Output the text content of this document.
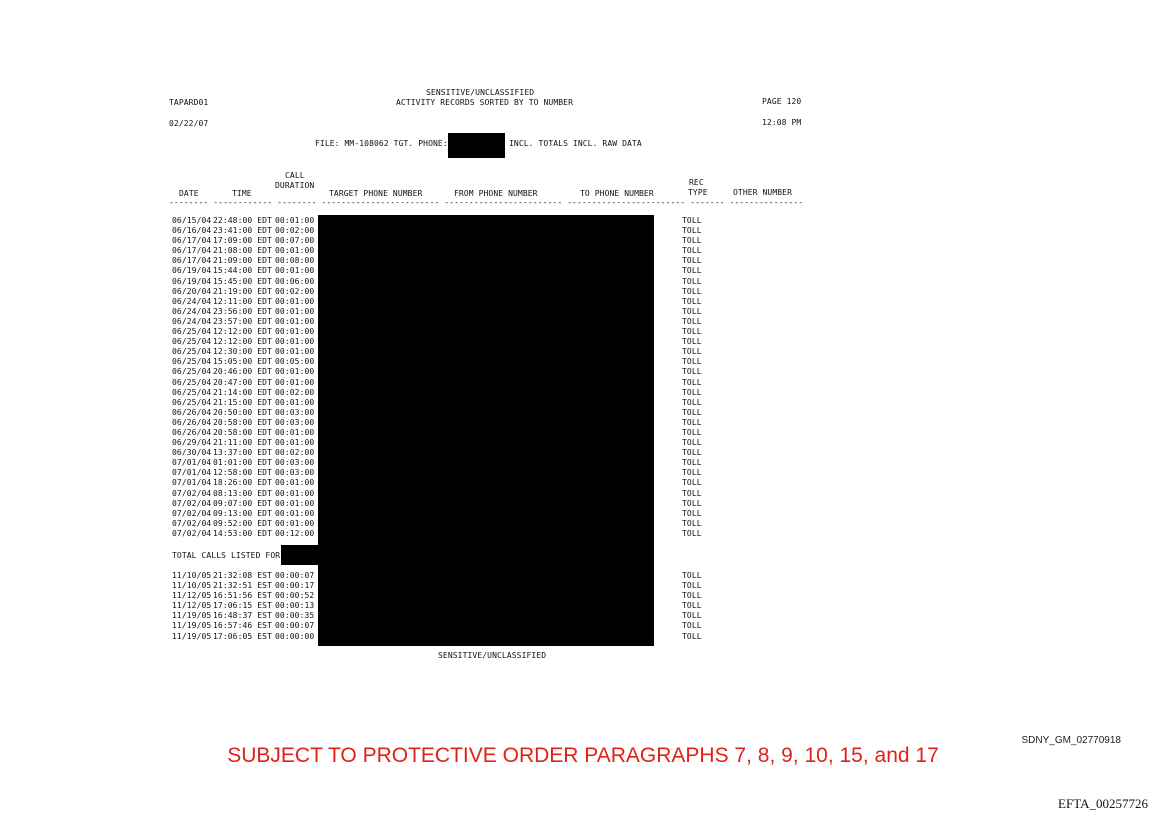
SENSITIVE/UNCLASSIFIED
TAPARD01	ACTIVITY RECORDS SORTED BY TO NUMBER	PAGE 120
02/22/07	12:08 PM
FILE: MM-108062 TGT. PHONE:	INCL. TOTALS INCL. RAW DATA
CALL
DURATION
DATE	TIME	TARGET PHONE NUMBER	FROM PHONE NUMBER	TO PHONE NUMBER
REC
TYPE	OTHER NUMBER
-------- ------------ -------- ------------------------ ------------------------ ------------------------ ------- ---------------
06/15/04 22:48:00 EDT 00:01:00	TOLL
06/16/04 23:41:00 EDT 00:02:00	TOLL
06/17/04 17:09:00 EDT 00:07:00	TOLL
06/17/04 21:08:00 EDT 00:01:00	TOLL
06/17/04 21:09:00 EDT 00:08:00	TOLL
06/19/04 15:44:00 EDT 00:01:00	TOLL
06/19/04 15:45:00 EDT 00:06:00	TOLL
06/20/04 21:19:00 EDT 00:02:00	TOLL
06/24/04 12:11:00 EDT 00:01:00	TOLL
06/24/04 23:56:00 EDT 00:01:00	TOLL
06/24/04 23:57:00 EDT 00:01:00	TOLL
06/25/04 12:12:00 EDT 00:01:00	TOLL
06/25/04 12:12:00 EDT 00:01:00	TOLL
06/25/04 12:30:00 EDT 00:01:00	TOLL
06/25/04 15:05:00 EDT 00:05:00	TOLL
06/25/04 20:46:00 EDT 00:01:00	TOLL
06/25/04 20:47:00 EDT 00:01:00	TOLL
06/25/04 21:14:00 EDT 00:02:00	TOLL
06/25/04 21:15:00 EDT 00:01:00	TOLL
06/26/04 20:50:00 EDT 00:03:00	TOLL
06/26/04 20:58:00 EDT 00:03:00	TOLL
06/26/04 20:58:00 EDT 00:01:00	TOLL
06/29/04 21:11:00 EDT 00:01:00	TOLL
06/30/04 13:37:00 EDT 00:02:00	TOLL
07/01/04 01:01:00 EDT 00:03:00	TOLL
07/01/04 12:58:00 EDT 00:03:00	TOLL
07/01/04 18:26:00 EDT 00:01:00	TOLL
07/02/04 08:13:00 EDT 00:01:00	TOLL
07/02/04 09:07:00 EDT 00:01:00	TOLL
07/02/04 09:13:00 EDT 00:01:00	TOLL
07/02/04 09:52:00 EDT 00:01:00	TOLL
07/02/04 14:53:00 EDT 00:12:00	TOLL
TOTAL CALLS LISTED FOR
11/10/05 21:32:08 EST 00:00:07	TOLL
11/10/05 21:32:51 EST 00:00:17	TOLL
11/12/05 16:51:56 EST 00:00:52	TOLL
11/12/05 17:06:15 EST 00:00:13	TOLL
11/19/05 16:48:37 EST 00:00:35	TOLL
11/19/05 16:57:46 EST 00:00:07	TOLL
11/19/05 17:06:05 EST 00:00:00	TOLL
SENSITIVE/UNCLASSIFIED
SDNY_GM_02770918
SUBJECT TO PROTECTIVE ORDER PARAGRAPHS 7, 8, 9, 10, 15, and 17
EFTA_00257726
